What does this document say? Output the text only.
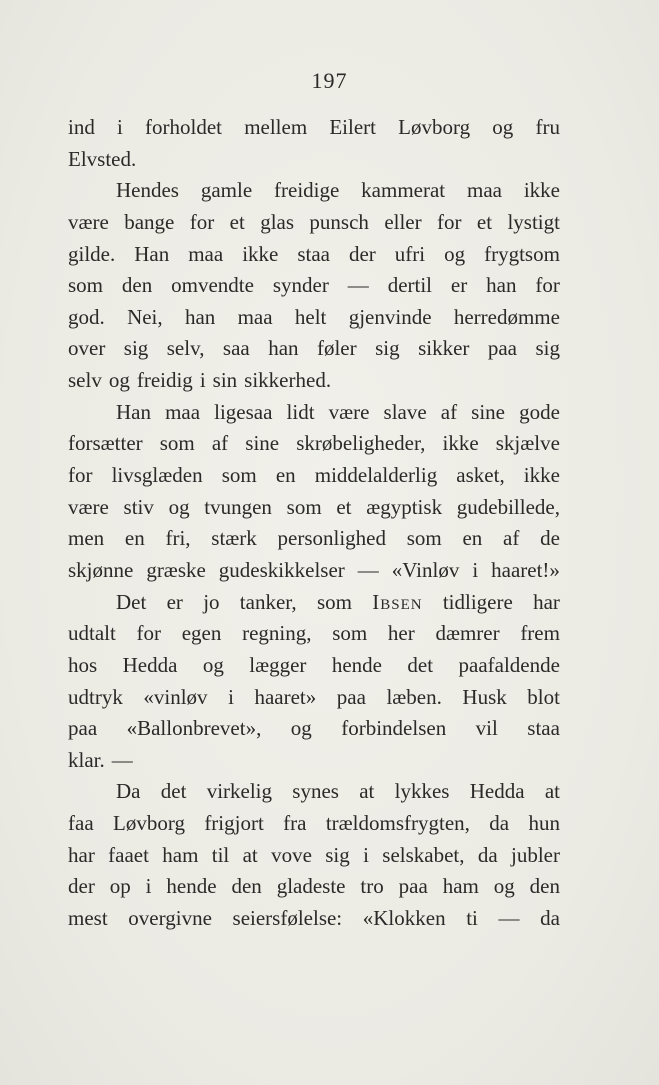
197
ind i forholdet mellem Eilert Løvborg og fru
Elvsted.
Hendes gamle freidige kammerat maa ikke
være bange for et glas punsch eller for et lystigt
gilde. Han maa ikke staa der ufri og frygtsom
som den omvendte synder — dertil er han for
god. Nei, han maa helt gjenvinde herredømme
over sig selv, saa han føler sig sikker paa sig
selv og freidig i sin sikkerhed.
Han maa ligesaa lidt være slave af sine gode
forsætter som af sine skrøbeligheder, ikke skjælve
for livsglæden som en middelalderlig asket, ikke
være stiv og tvungen som et ægyptisk gudebillede,
men en fri, stærk personlighed som en af de
skjønne græske gudeskikkelser — «Vinløv i haaret!»
Det er jo tanker, som Ibsen tidligere har
udtalt for egen regning, som her dæmrer frem
hos Hedda og lægger hende det paafaldende
udtryk «vinløv i haaret» paa læben. Husk blot
paa «Ballonbrevet», og forbindelsen vil staa
klar. —
Da det virkelig synes at lykkes Hedda at
faa Løvborg frigjort fra trældomsfrygten, da hun
har faaet ham til at vove sig i selskabet, da jubler
der op i hende den gladeste tro paa ham og den
mest overgivne seiersfølelse: «Klokken ti — da
